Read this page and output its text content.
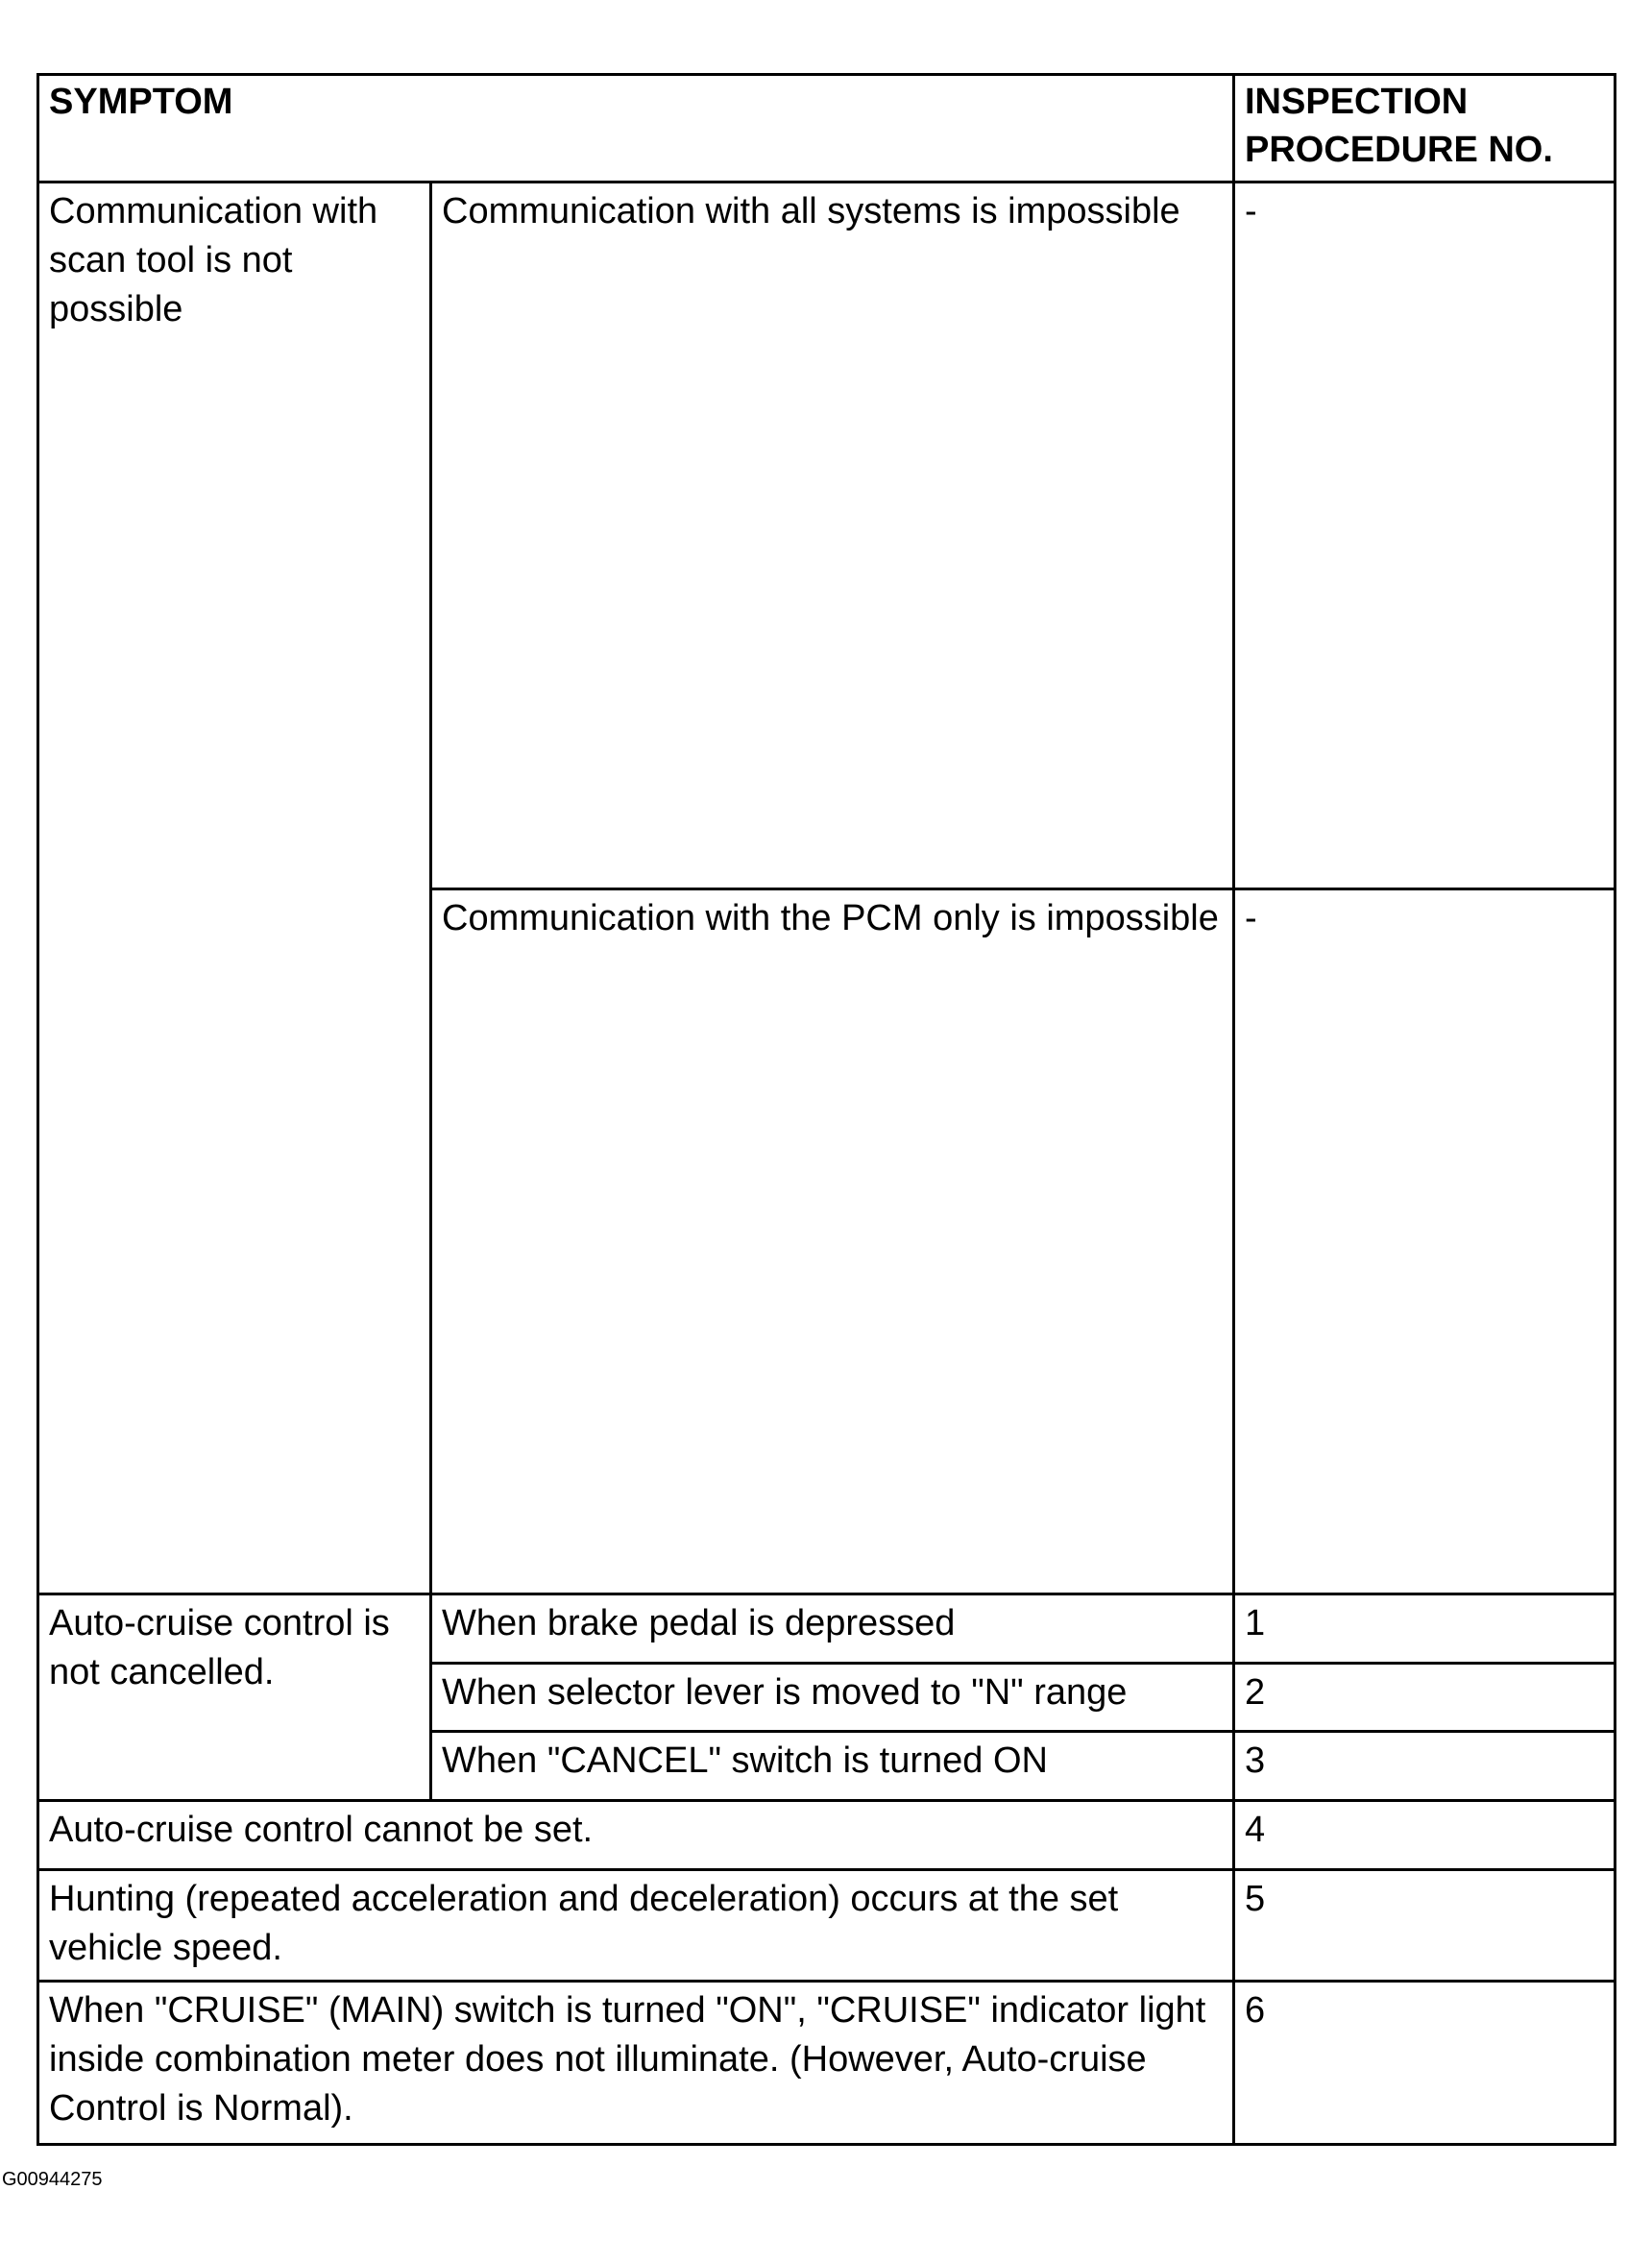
SYMPTOM		INSPECTION PROCEDURE NO.
Communication with scan tool is not possible	Communication with all systems is impossible	-
	Communication with the PCM only is impossible	-
Auto-cruise control is not cancelled.	When brake pedal is depressed	1
	When selector lever is moved to "N" range	2
	When "CANCEL" switch is turned ON	3
Auto-cruise control cannot be set.		4
Hunting (repeated acceleration and deceleration) occurs at the set vehicle speed.		5
When "CRUISE" (MAIN) switch is turned "ON", "CRUISE" indicator light inside combination meter does not illuminate. (However, Auto-cruise Control is Normal).		6
G00944275
